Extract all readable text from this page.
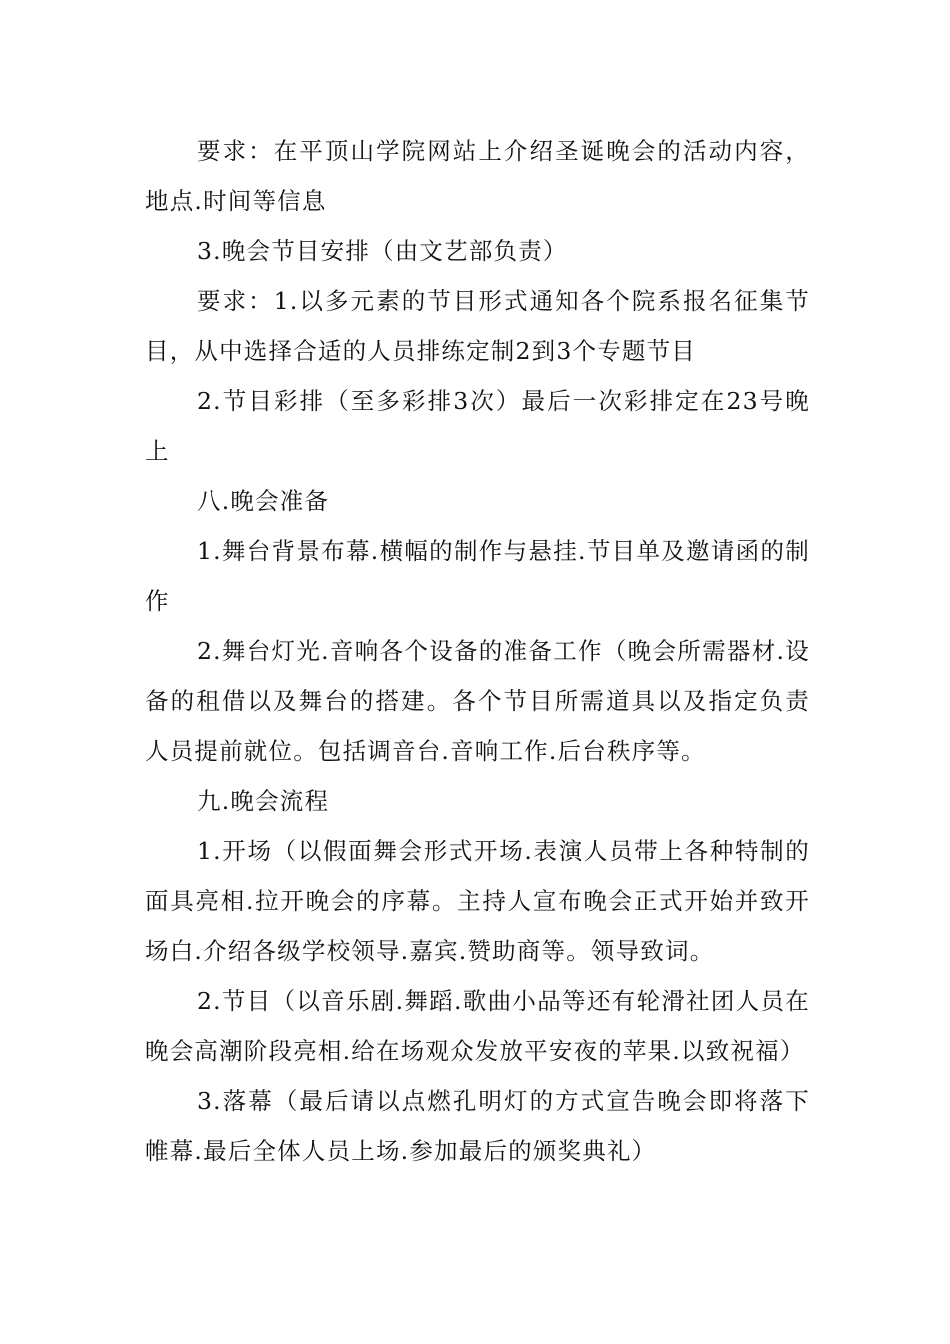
要求：在平顶山学院网站上介绍圣诞晚会的活动内容，地点.时间等信息

3.晚会节目安排（由文艺部负责）

要求：1.以多元素的节目形式通知各个院系报名征集节目，从中选择合适的人员排练定制2到3个专题节目

2.节目彩排（至多彩排3次）最后一次彩排定在23号晚上

八.晚会准备

1.舞台背景布幕.横幅的制作与悬挂.节目单及邀请函的制作

2.舞台灯光.音响各个设备的准备工作（晚会所需器材.设备的租借以及舞台的搭建。各个节目所需道具以及指定负责人员提前就位。包括调音台.音响工作.后台秩序等。

九.晚会流程

1.开场（以假面舞会形式开场.表演人员带上各种特制的面具亮相.拉开晚会的序幕。主持人宣布晚会正式开始并致开场白.介绍各级学校领导.嘉宾.赞助商等。领导致词。

2.节目（以音乐剧.舞蹈.歌曲小品等还有轮滑社团人员在晚会高潮阶段亮相.给在场观众发放平安夜的苹果.以致祝福）

3.落幕（最后请以点燃孔明灯的方式宣告晚会即将落下帷幕.最后全体人员上场.参加最后的颁奖典礼）
